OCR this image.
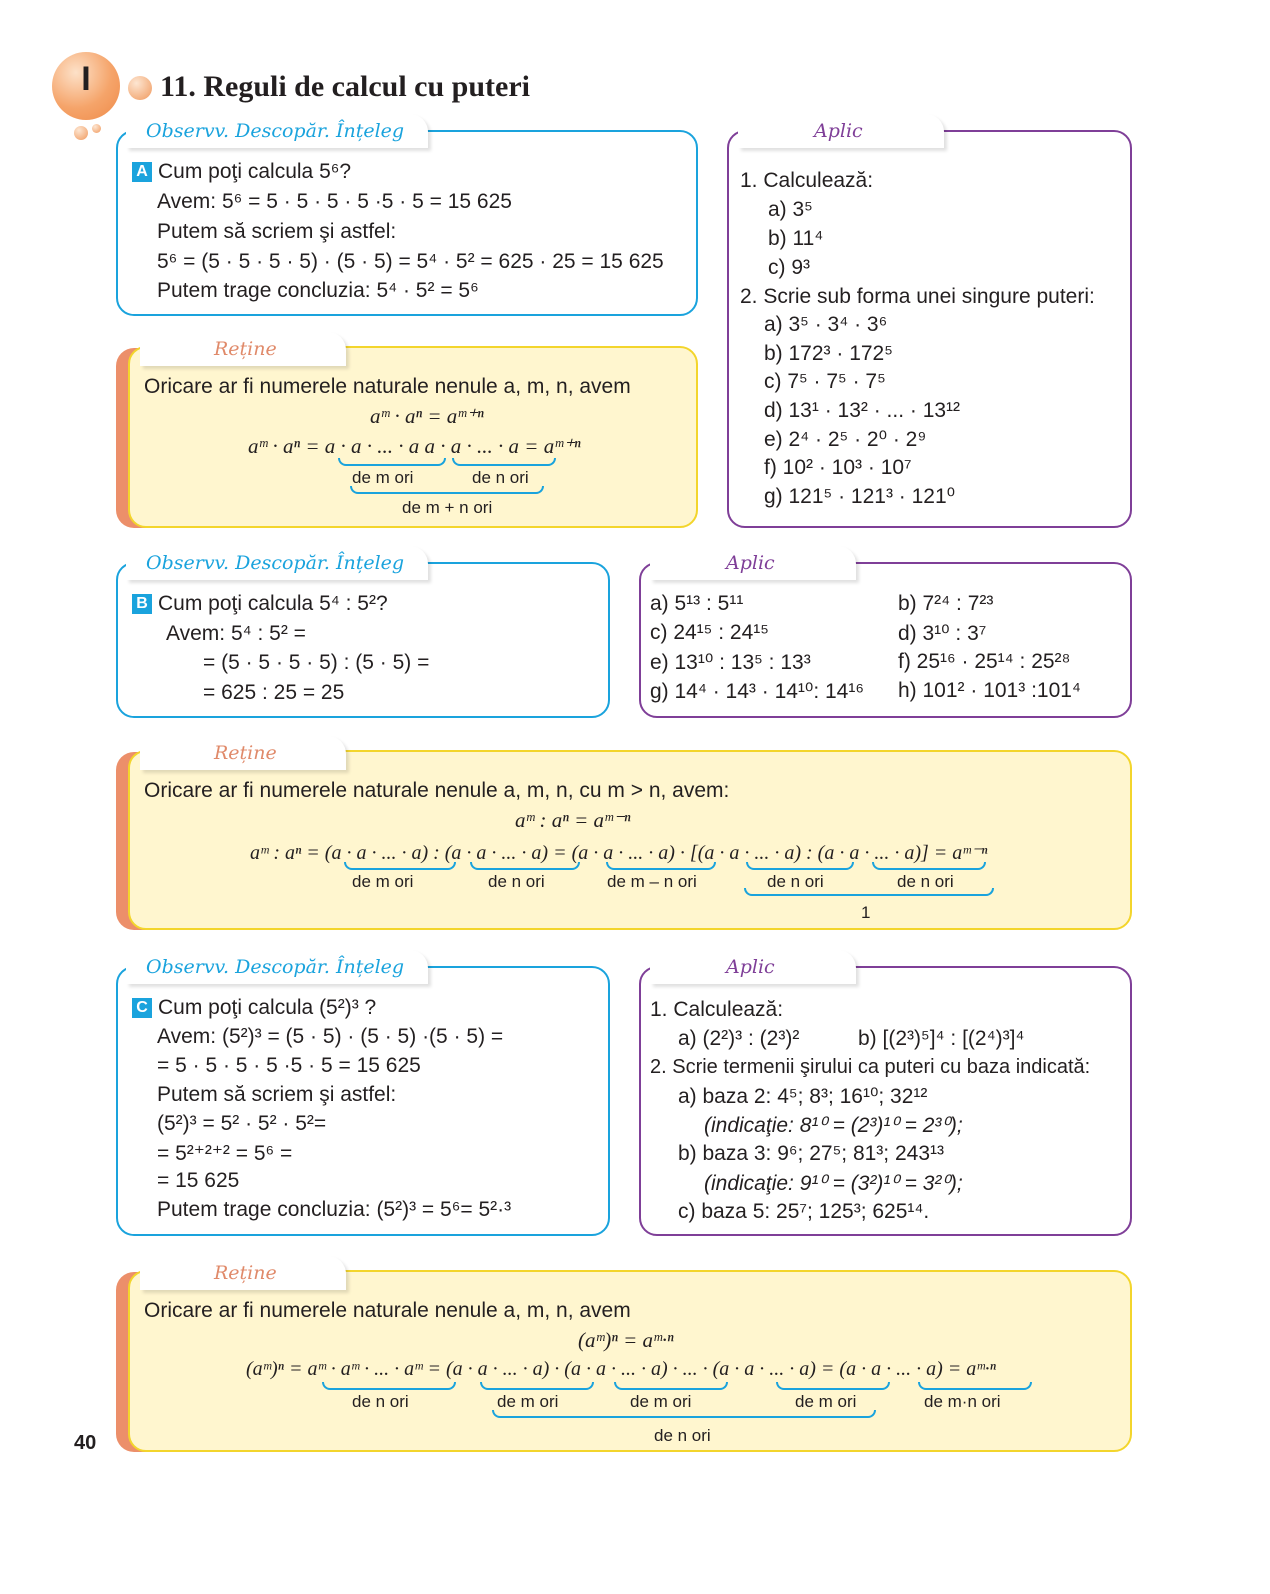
I	11. Reguli de calcul cu puteri
Observv. Descopăr. Înțeleg
A Cum poţi calcula 5⁶?
Avem: 5⁶ = 5 · 5 · 5 · 5 ·5 · 5 = 15 625
Putem să scriem şi astfel:
5⁶ = (5 · 5 · 5 · 5) · (5 · 5) = 5⁴ · 5² = 625 · 25 = 15 625
Putem trage concluzia: 5⁴ · 5² = 5⁶
Reține
Oricare ar fi numerele naturale nenule a, m, n, avem
aᵐ · aⁿ = aᵐ⁺ⁿ
aᵐ · aⁿ = a · a · ... · a a · a · ... · a = aᵐ⁺ⁿ
de m ori	de n ori
de m + n ori
Aplic
1. Calculează:
a) 3⁵
b) 11⁴
c) 9³
2. Scrie sub forma unei singure puteri:
a) 3⁵ · 3⁴ · 3⁶
b) 172³ · 172⁵
c) 7⁵ · 7⁵ · 7⁵
d) 13¹ · 13² · ... · 13¹²
e) 2⁴ · 2⁵ · 2⁰ · 2⁹
f) 10² · 10³ · 10⁷
g) 121⁵ · 121³ · 121⁰
Observv. Descopăr. Înțeleg
B Cum poţi calcula 5⁴ : 5²?
Avem: 5⁴ : 5² =
= (5 · 5 · 5 · 5) : (5 · 5) =
= 625 : 25 = 25
Aplic
a) 5¹³ : 5¹¹	b) 7²⁴ : 7²³
c) 24¹⁵ : 24¹⁵	d) 3¹⁰ : 3⁷
e) 13¹⁰ : 13⁵ : 13³	f) 25¹⁶ · 25¹⁴ : 25²⁸
g) 14⁴ · 14³ · 14¹⁰: 14¹⁶ h) 101² · 101³ :101⁴
Reține
Oricare ar fi numerele naturale nenule a, m, n, cu m > n, avem:
aᵐ : aⁿ = aᵐ⁻ⁿ
aᵐ : aⁿ = (a · a · ... · a) : (a · a · ... · a) = (a · a · ... · a) · [(a · a · ... · a) : (a · a · ... · a)] = aᵐ⁻ⁿ
de m ori	de n ori	de m – n ori	de n ori	de n ori
1
Observv. Descopăr. Înțeleg
C Cum poţi calcula (5²)³ ?
Avem: (5²)³ = (5 · 5) · (5 · 5) ·(5 · 5) =
= 5 · 5 · 5 · 5 ·5 · 5 = 15 625
Putem să scriem şi astfel:
(5²)³ = 5² · 5² · 5²=
= 5²⁺²⁺² = 5⁶ =
= 15 625
Putem trage concluzia: (5²)³ = 5⁶= 5²·³
Aplic
1. Calculează:
a) (2²)³ : (2³)²	b) [(2³)⁵]⁴ : [(2⁴)³]⁴
2. Scrie termenii şirului ca puteri cu baza indicată:
a) baza 2: 4⁵; 8³; 16¹⁰; 32¹²
(indicaţie: 8¹⁰ = (2³)¹⁰ = 2³⁰);
b) baza 3: 9⁶; 27⁵; 81³; 243¹³
(indicaţie: 9¹⁰ = (3²)¹⁰ = 3²⁰);
c) baza 5: 25⁷; 125³; 625¹⁴.
Reține
Oricare ar fi numerele naturale nenule a, m, n, avem
(aᵐ)ⁿ = aᵐ·ⁿ
(aᵐ)ⁿ = aᵐ · aᵐ · ... · aᵐ = (a · a · ... · a) · (a · a · ... · a) · ... · (a · a · ... · a) = (a · a · ... · a) = aᵐ·ⁿ
de n ori	de m ori	de m ori	de m ori	de m·n ori
de n ori
40
